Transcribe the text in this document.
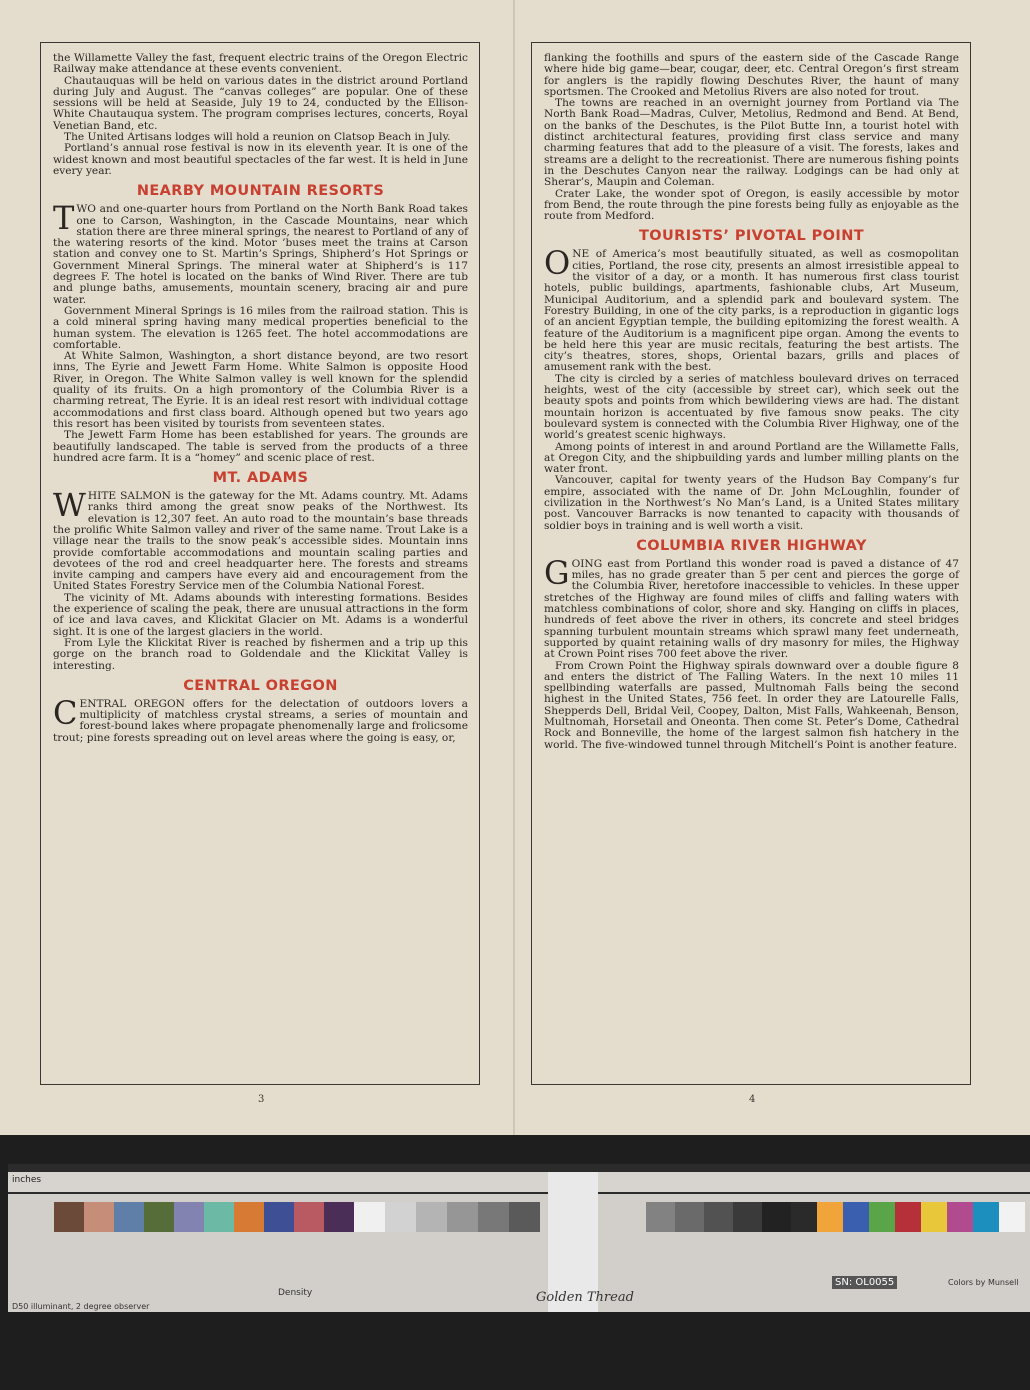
the Willamette Valley the fast, frequent electric trains of the Oregon Electric Railway make attendance at these events convenient.

Chautauquas will be held on various dates in the district around Portland during July and August. The “canvas colleges” are popular. One of these sessions will be held at Seaside, July 19 to 24, conducted by the Ellison-White Chautauqua system. The program comprises lectures, concerts, Royal Venetian Band, etc.

The United Artisans lodges will hold a reunion on Clatsop Beach in July.

Portland’s annual rose festival is now in its eleventh year. It is one of the widest known and most beautiful spectacles of the far west. It is held in June every year.

NEARBY MOUNTAIN RESORTS

TWO and one-quarter hours from Portland on the North Bank Road takes one to Carson, Washington, in the Cascade Mountains, near which station there are three mineral springs, the nearest to Portland of any of the watering resorts of the kind. Motor ’buses meet the trains at Carson station and convey one to St. Martin’s Springs, Shipherd’s Hot Springs or Government Mineral Springs. The mineral water at Shipherd’s is 117 degrees F. The hotel is located on the banks of Wind River. There are tub and plunge baths, amusements, mountain scenery, bracing air and pure water.

Government Mineral Springs is 16 miles from the railroad station. This is a cold mineral spring having many medical properties beneficial to the human system. The elevation is 1265 feet. The hotel accommodations are comfortable.

At White Salmon, Washington, a short distance beyond, are two resort inns, The Eyrie and Jewett Farm Home. White Salmon is opposite Hood River, in Oregon. The White Salmon valley is well known for the splendid quality of its fruits. On a high promontory of the Columbia River is a charming retreat, The Eyrie. It is an ideal rest resort with individual cottage accommodations and first class board. Although opened but two years ago this resort has been visited by tourists from seventeen states.

The Jewett Farm Home has been established for years. The grounds are beautifully landscaped. The table is served from the products of a three hundred acre farm. It is a “homey” and scenic place of rest.

MT. ADAMS

WHITE SALMON is the gateway for the Mt. Adams country. Mt. Adams ranks third among the great snow peaks of the Northwest. Its elevation is 12,307 feet. An auto road to the mountain’s base threads the prolific White Salmon valley and river of the same name. Trout Lake is a village near the trails to the snow peak’s accessible sides. Mountain inns provide comfortable accommodations and mountain scaling parties and devotees of the rod and creel headquarter here. The forests and streams invite camping and campers have every aid and encouragement from the United States Forestry Service men of the Columbia National Forest.

The vicinity of Mt. Adams abounds with interesting formations. Besides the experience of scaling the peak, there are unusual attractions in the form of ice and lava caves, and Klickitat Glacier on Mt. Adams is a wonderful sight. It is one of the largest glaciers in the world.

From Lyle the Klickitat River is reached by fishermen and a trip up this gorge on the branch road to Goldendale and the Klickitat Valley is interesting.

CENTRAL OREGON

CENTRAL OREGON offers for the delectation of outdoors lovers a multiplicity of matchless crystal streams, a series of mountain and forest-bound lakes where propagate phenomenally large and frolicsome trout; pine forests spreading out on level areas where the going is easy, or,

3

flanking the foothills and spurs of the eastern side of the Cascade Range where hide big game—bear, cougar, deer, etc. Central Oregon’s first stream for anglers is the rapidly flowing Deschutes River, the haunt of many sportsmen. The Crooked and Metolius Rivers are also noted for trout.

The towns are reached in an overnight journey from Portland via The North Bank Road—Madras, Culver, Metolius, Redmond and Bend. At Bend, on the banks of the Deschutes, is the Pilot Butte Inn, a tourist hotel with distinct architectural features, providing first class service and many charming features that add to the pleasure of a visit. The forests, lakes and streams are a delight to the recreationist. There are numerous fishing points in the Deschutes Canyon near the railway. Lodgings can be had only at Sherar’s, Maupin and Coleman.

Crater Lake, the wonder spot of Oregon, is easily accessible by motor from Bend, the route through the pine forests being fully as enjoyable as the route from Medford.

TOURISTS’ PIVOTAL POINT

ONE of America’s most beautifully situated, as well as cosmopolitan cities, Portland, the rose city, presents an almost irresistible appeal to the visitor of a day, or a month. It has numerous first class tourist hotels, public buildings, apartments, fashionable clubs, Art Museum, Municipal Auditorium, and a splendid park and boulevard system. The Forestry Building, in one of the city parks, is a reproduction in gigantic logs of an ancient Egyptian temple, the building epitomizing the forest wealth. A feature of the Auditorium is a magnificent pipe organ. Among the events to be held here this year are music recitals, featuring the best artists. The city’s theatres, stores, shops, Oriental bazars, grills and places of amusement rank with the best.

The city is circled by a series of matchless boulevard drives on terraced heights, west of the city (accessible by street car), which seek out the beauty spots and points from which bewildering views are had. The distant mountain horizon is accentuated by five famous snow peaks. The city boulevard system is connected with the Columbia River Highway, one of the world’s greatest scenic highways.

Among points of interest in and around Portland are the Willamette Falls, at Oregon City, and the shipbuilding yards and lumber milling plants on the water front.

Vancouver, capital for twenty years of the Hudson Bay Company’s fur empire, associated with the name of Dr. John McLoughlin, founder of civilization in the Northwest’s No Man’s Land, is a United States military post. Vancouver Barracks is now tenanted to capacity with thousands of soldier boys in training and is well worth a visit.

COLUMBIA RIVER HIGHWAY

GOING east from Portland this wonder road is paved a distance of 47 miles, has no grade greater than 5 per cent and pierces the gorge of the Columbia River, heretofore inaccessible to vehicles. In these upper stretches of the Highway are found miles of cliffs and falling waters with matchless combinations of color, shore and sky. Hanging on cliffs in places, hundreds of feet above the river in others, its concrete and steel bridges spanning turbulent mountain streams which sprawl many feet underneath, supported by quaint retaining walls of dry masonry for miles, the Highway at Crown Point rises 700 feet above the river.

From Crown Point the Highway spirals downward over a double figure 8 and enters the district of The Falling Waters. In the next 10 miles 11 spellbinding waterfalls are passed, Multnomah Falls being the second highest in the United States, 756 feet. In order they are Latourelle Falls, Shepperds Dell, Bridal Veil, Coopey, Dalton, Mist Falls, Wahkeenah, Benson, Multnomah, Horsetail and Oneonta. Then come St. Peter’s Dome, Cathedral Rock and Bonneville, the home of the largest salmon fish hatchery in the world. The five-windowed tunnel through Mitchell’s Point is another feature.

4
inches
Density
D50 illuminant, 2 degree observer
SN: OL0055	Colors by Munsell
Golden Thread
